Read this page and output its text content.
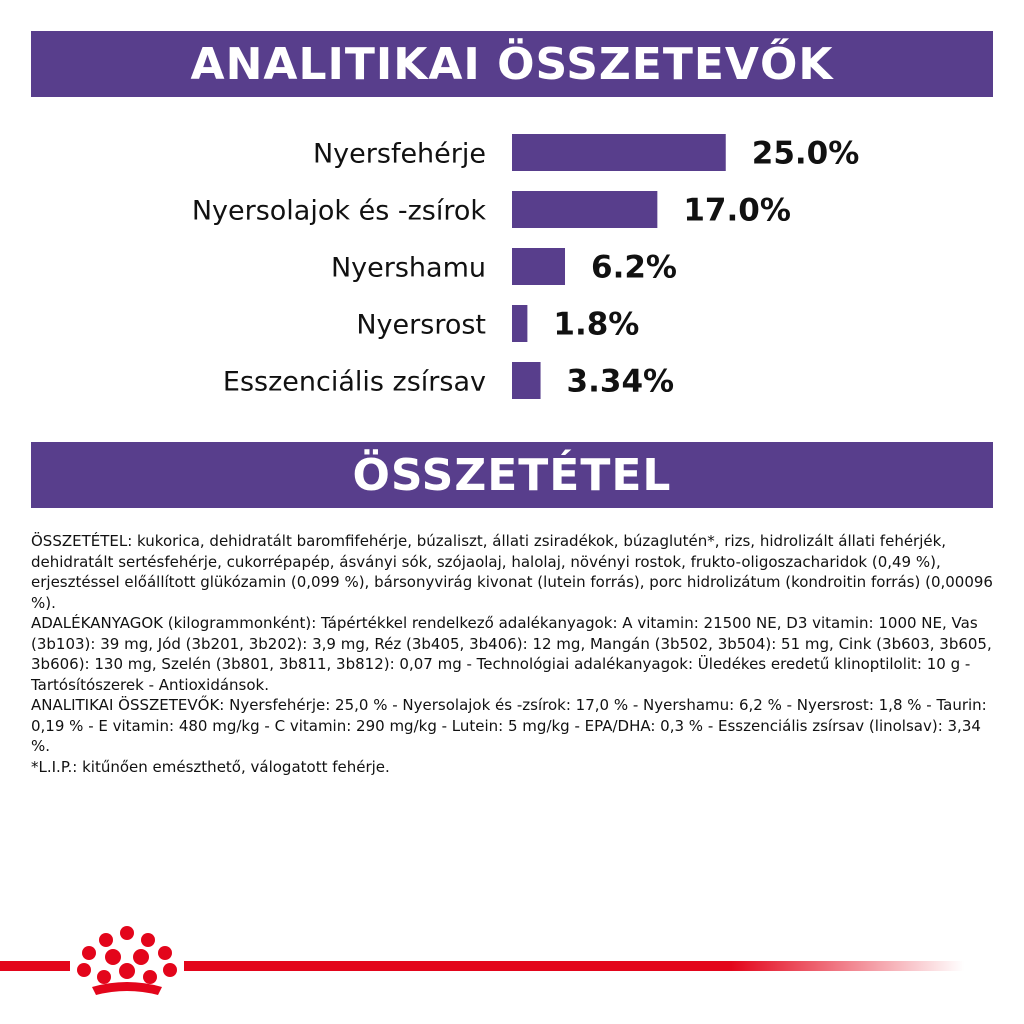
ANALITIKAI ÖSSZETEVŐK
Nyersfehérje	25.0%
Nyersolajok és -zsírok	17.0%
Nyershamu	6.2%
Nyersrost 1.8%
Esszenciális zsírsav	3.34%
ÖSSZETÉTEL

ÖSSZETÉTEL: kukorica, dehidratált baromfifehérje, búzaliszt, állati zsiradékok, búzaglutén*, rizs, hidrolizált állati fehérjék, dehidratált sertésfehérje, cukorrépapép, ásványi sók, szójaolaj, halolaj, növényi rostok, frukto-oligoszacharidok (0,49 %), erjesztéssel előállított glükózamin (0,099 %), bársonyvirág kivonat (lutein forrás), porc hidrolizátum (kondroitin forrás) (0,00096 %).

ADALÉKANYAGOK (kilogrammonként): Tápértékkel rendelkező adalékanyagok: A vitamin: 21500 NE, D3 vitamin: 1000 NE, Vas (3b103): 39 mg, Jód (3b201, 3b202): 3,9 mg, Réz (3b405, 3b406): 12 mg, Mangán (3b502, 3b504): 51 mg, Cink (3b603, 3b605, 3b606): 130 mg, Szelén (3b801, 3b811, 3b812): 0,07 mg - Technológiai adalékanyagok: Üledékes eredetű klinoptilolit: 10 g - Tartósítószerek - Antioxidánsok.

ANALITIKAI ÖSSZETEVŐK: Nyersfehérje: 25,0 % - Nyersolajok és -zsírok: 17,0 % - Nyershamu: 6,2 % - Nyersrost: 1,8 % - Taurin: 0,19 % - E vitamin: 480 mg/kg - C vitamin: 290 mg/kg - Lutein: 5 mg/kg - EPA/DHA: 0,3 % - Esszenciális zsírsav (linolsav): 3,34 %.

*L.I.P.: kitűnően emészthető, válogatott fehérje.
